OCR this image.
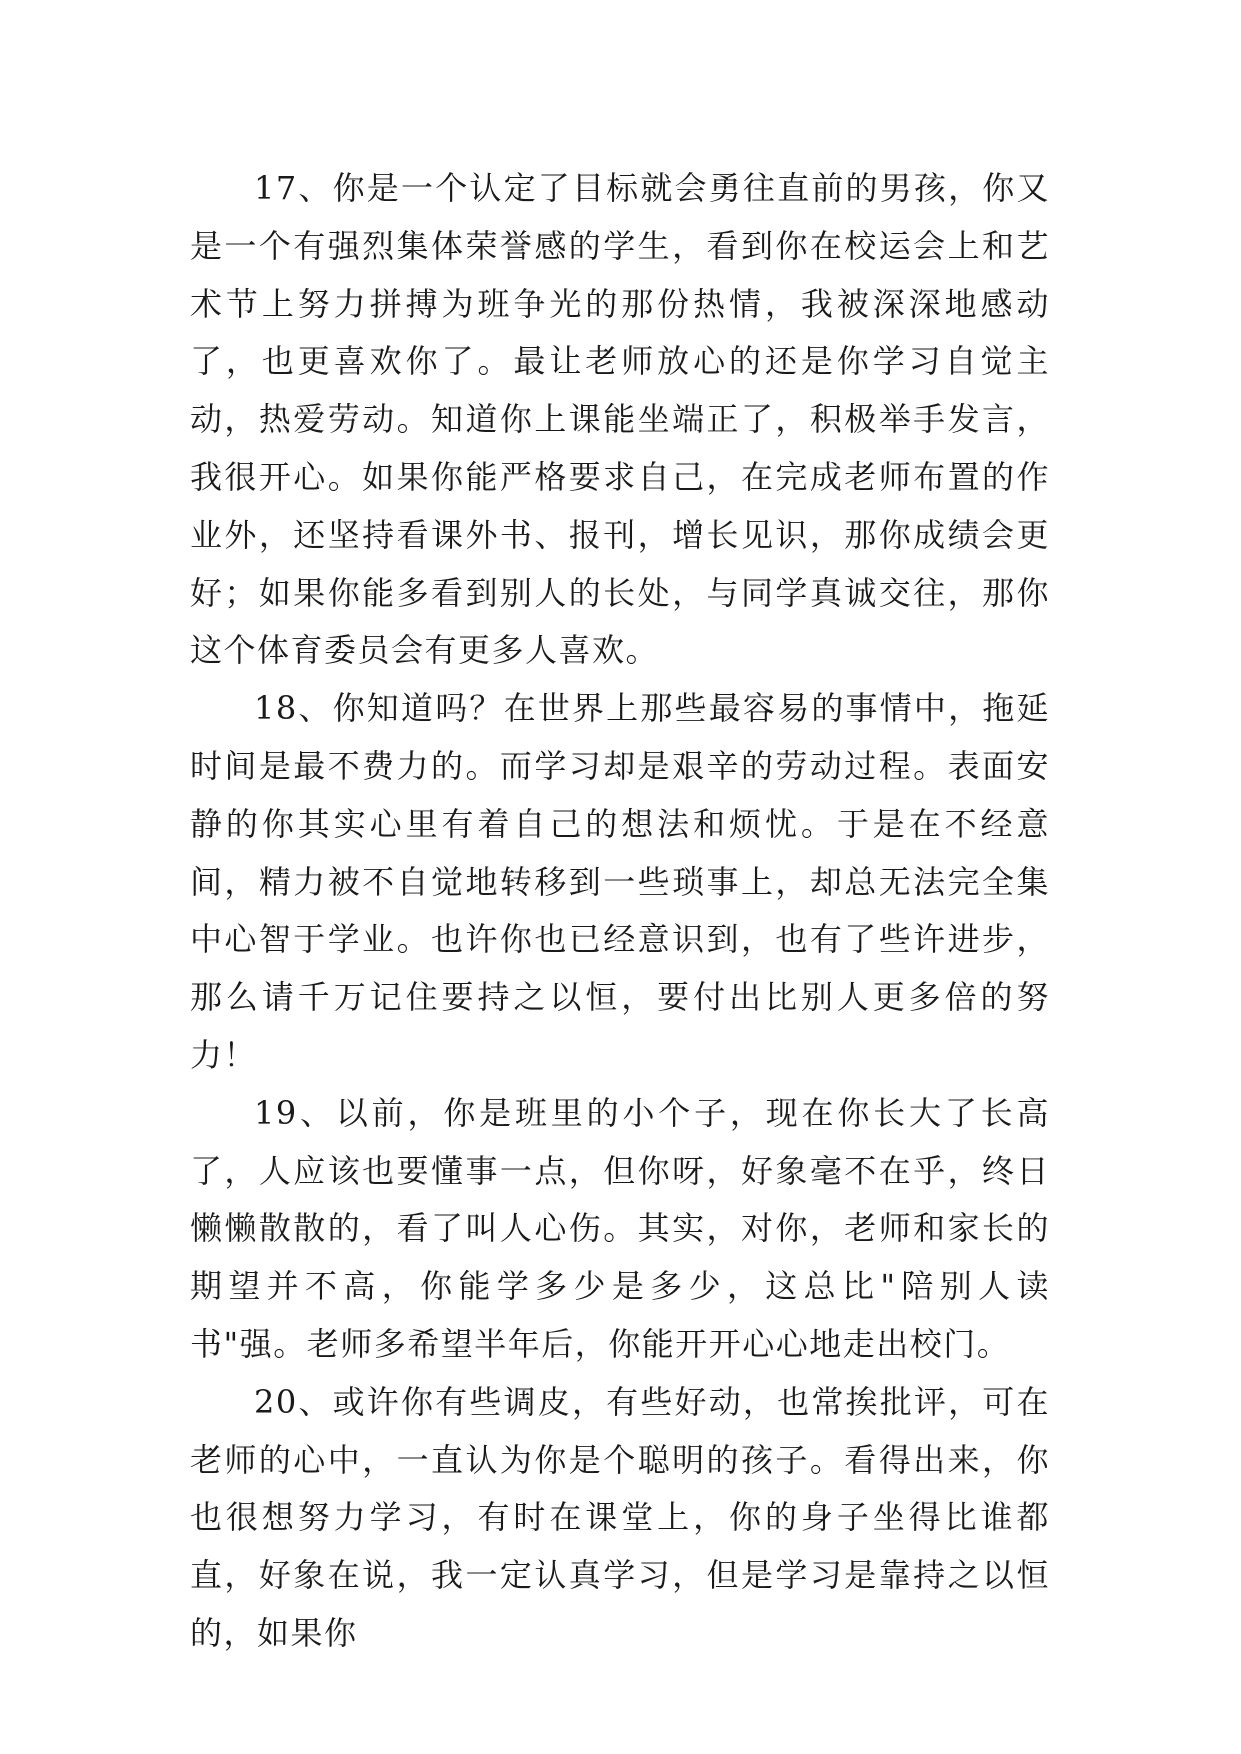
17、你是一个认定了目标就会勇往直前的男孩，你又是一个有强烈集体荣誉感的学生，看到你在校运会上和艺术节上努力拼搏为班争光的那份热情，我被深深地感动了，也更喜欢你了。最让老师放心的还是你学习自觉主动，热爱劳动。知道你上课能坐端正了，积极举手发言，我很开心。如果你能严格要求自己，在完成老师布置的作业外，还坚持看课外书、报刊，增长见识，那你成绩会更好；如果你能多看到别人的长处，与同学真诚交往，那你这个体育委员会有更多人喜欢。

18、你知道吗？在世界上那些最容易的事情中，拖延时间是最不费力的。而学习却是艰辛的劳动过程。表面安静的你其实心里有着自己的想法和烦忧。于是在不经意间，精力被不自觉地转移到一些琐事上，却总无法完全集中心智于学业。也许你也已经意识到，也有了些许进步，那么请千万记住要持之以恒，要付出比别人更多倍的努力！

19、以前，你是班里的小个子，现在你长大了长高了，人应该也要懂事一点，但你呀，好象毫不在乎，终日懒懒散散的，看了叫人心伤。其实，对你，老师和家长的期望并不高，你能学多少是多少，这总比"陪别人读书"强。老师多希望半年后，你能开开心心地走出校门。

20、或许你有些调皮，有些好动，也常挨批评，可在老师的心中，一直认为你是个聪明的孩子。看得出来，你也很想努力学习，有时在课堂上，你的身子坐得比谁都直，好象在说，我一定认真学习，但是学习是靠持之以恒的，如果你
